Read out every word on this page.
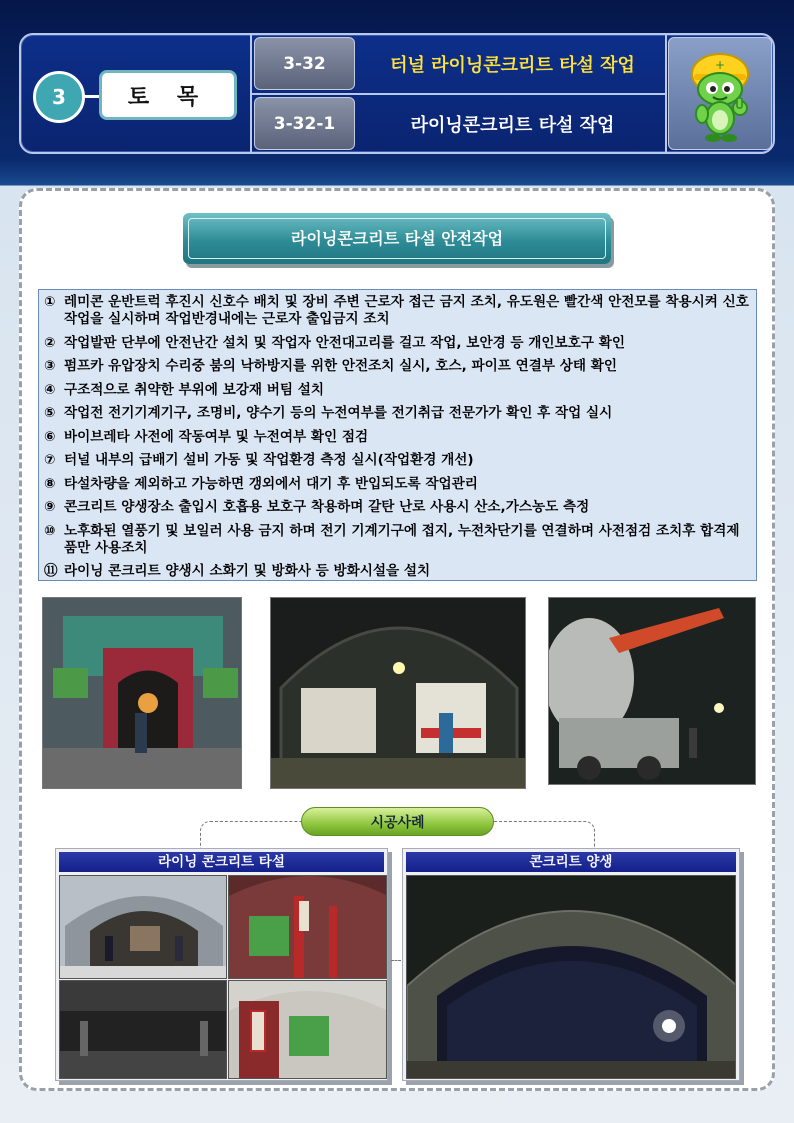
3	토 목
3-32	터널 라이닝콘크리트 타설 작업
3-32-1	라이닝콘크리트 타설 작업
+
라이닝콘크리트 타설 안전작업
① 레미콘 운반트럭 후진시 신호수 배치 및 장비 주변 근로자 접근 금지 조치, 유도원은 빨간색 안전모를 착용시켜 신호작업을 실시하며 작업반경내에는 근로자 출입금지 조치
② 작업발판 단부에 안전난간 설치 및 작업자 안전대고리를 걸고 작업, 보안경 등 개인보호구 확인
③ 펌프카 유압장치 수리중 붐의 낙하방지를 위한 안전조치 실시, 호스, 파이프 연결부 상태 확인
④ 구조적으로 취약한 부위에 보강재 버팀 설치
⑤ 작업전 전기기계기구, 조명비, 양수기 등의 누전여부를 전기취급 전문가가 확인 후 작업 실시
⑥ 바이브레타 사전에 작동여부 및 누전여부 확인 점검
⑦ 터널 내부의 급배기 설비 가동 및 작업환경 측정 실시(작업환경 개선)
⑧ 타설차량을 제외하고 가능하면 갱외에서 대기 후 반입되도록 작업관리
⑨ 콘크리트 양생장소 출입시 호흡용 보호구 착용하며 갈탄 난로 사용시 산소,가스농도 측정
⑩ 노후화된 열풍기 및 보일러 사용 금지 하며 전기 기계기구에 접지, 누전차단기를 연결하며 사전점검 조치후 합격제품만 사용조치
⑪ 라이닝 콘크리트 양생시 소화기 및 방화사 등 방화시설을 설치
시공사례
라이닝 콘크리트 타설	콘크리트 양생
